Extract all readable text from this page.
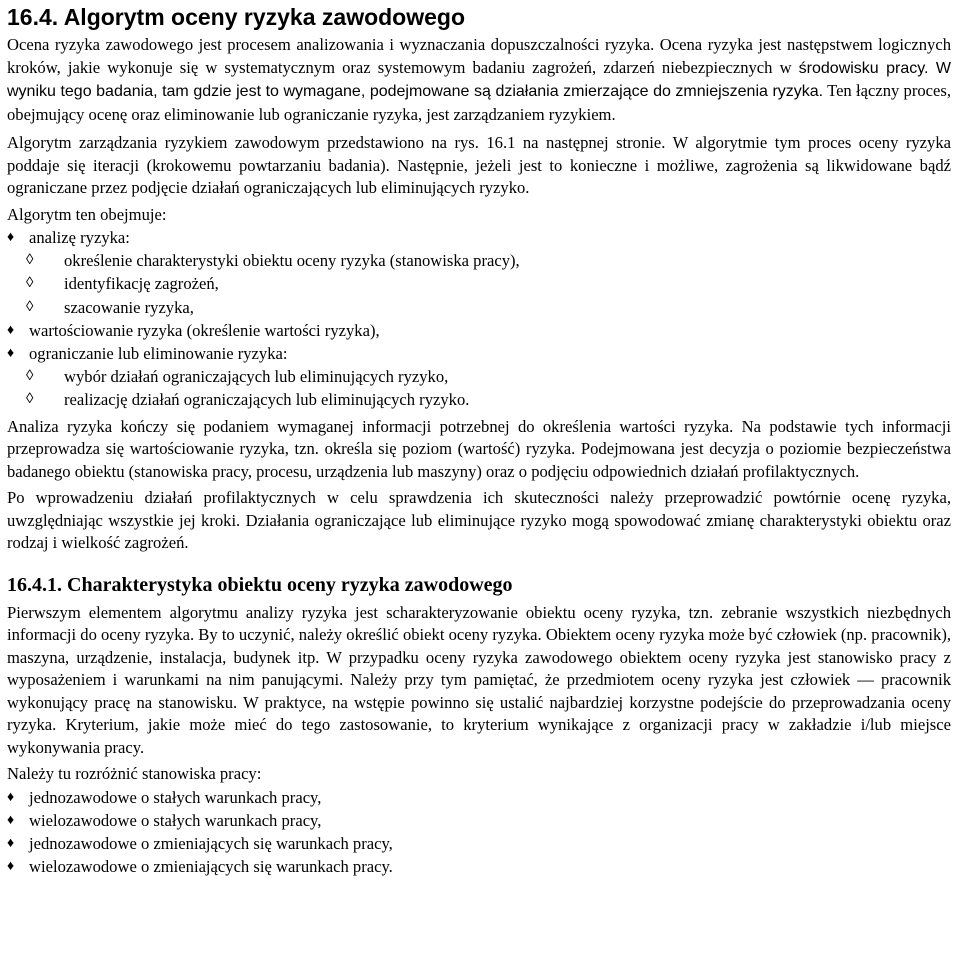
16.4. Algorytm oceny ryzyka zawodowego

Ocena ryzyka zawodowego jest procesem analizowania i wyznaczania dopuszczalności ryzyka. Ocena ryzyka jest następstwem logicznych kroków, jakie wykonuje się w systematycznym oraz systemowym badaniu zagrożeń, zdarzeń niebezpiecznych w środowisku pracy. W wyniku tego badania, tam gdzie jest to wymagane, podejmowane są działania zmierzające do zmniejszenia ryzyka. Ten łączny proces, obejmujący ocenę oraz eliminowanie lub ograniczanie ryzyka, jest zarządzaniem ryzykiem.

Algorytm zarządzania ryzykiem zawodowym przedstawiono na rys. 16.1 na następnej stronie. W algorytmie tym proces oceny ryzyka poddaje się iteracji (krokowemu powtarzaniu badania). Następnie, jeżeli jest to konieczne i możliwe, zagrożenia są likwidowane bądź ograniczane przez podjęcie działań ograniczających lub eliminujących ryzyko.

Algorytm ten obejmuje:

♦ analizę ryzyka:
◊ określenie charakterystyki obiektu oceny ryzyka (stanowiska pracy),
◊ identyfikację zagrożeń,
◊ szacowanie ryzyka,
♦ wartościowanie ryzyka (określenie wartości ryzyka),
♦ ograniczanie lub eliminowanie ryzyka:
◊ wybór działań ograniczających lub eliminujących ryzyko,
◊ realizację działań ograniczających lub eliminujących ryzyko.

Analiza ryzyka kończy się podaniem wymaganej informacji potrzebnej do określenia wartości ryzyka. Na podstawie tych informacji przeprowadza się wartościowanie ryzyka, tzn. określa się poziom (wartość) ryzyka. Podejmowana jest decyzja o poziomie bezpieczeństwa badanego obiektu (stanowiska pracy, procesu, urządzenia lub maszyny) oraz o podjęciu odpowiednich działań profilaktycznych.

Po wprowadzeniu działań profilaktycznych w celu sprawdzenia ich skuteczności należy przeprowadzić powtórnie ocenę ryzyka, uwzględniając wszystkie jej kroki. Działania ograniczające lub eliminujące ryzyko mogą spowodować zmianę charakterystyki obiektu oraz rodzaj i wielkość zagrożeń.

16.4.1. Charakterystyka obiektu oceny ryzyka zawodowego

Pierwszym elementem algorytmu analizy ryzyka jest scharakteryzowanie obiektu oceny ryzyka, tzn. zebranie wszystkich niezbędnych informacji do oceny ryzyka. By to uczynić, należy określić obiekt oceny ryzyka. Obiektem oceny ryzyka może być człowiek (np. pracownik), maszyna, urządzenie, instalacja, budynek itp. W przypadku oceny ryzyka zawodowego obiektem oceny ryzyka jest stanowisko pracy z wyposażeniem i warunkami na nim panującymi. Należy przy tym pamiętać, że przedmiotem oceny ryzyka jest człowiek — pracownik wykonujący pracę na stanowisku. W praktyce, na wstępie powinno się ustalić najbardziej korzystne podejście do przeprowadzania oceny ryzyka. Kryterium, jakie może mieć do tego zastosowanie, to kryterium wynikające z organizacji pracy w zakładzie i/lub miejsce wykonywania pracy.

Należy tu rozróżnić stanowiska pracy:

♦ jednozawodowe o stałych warunkach pracy,
♦ wielozawodowe o stałych warunkach pracy,
♦ jednozawodowe o zmieniających się warunkach pracy,
♦ wielozawodowe o zmieniających się warunkach pracy.
